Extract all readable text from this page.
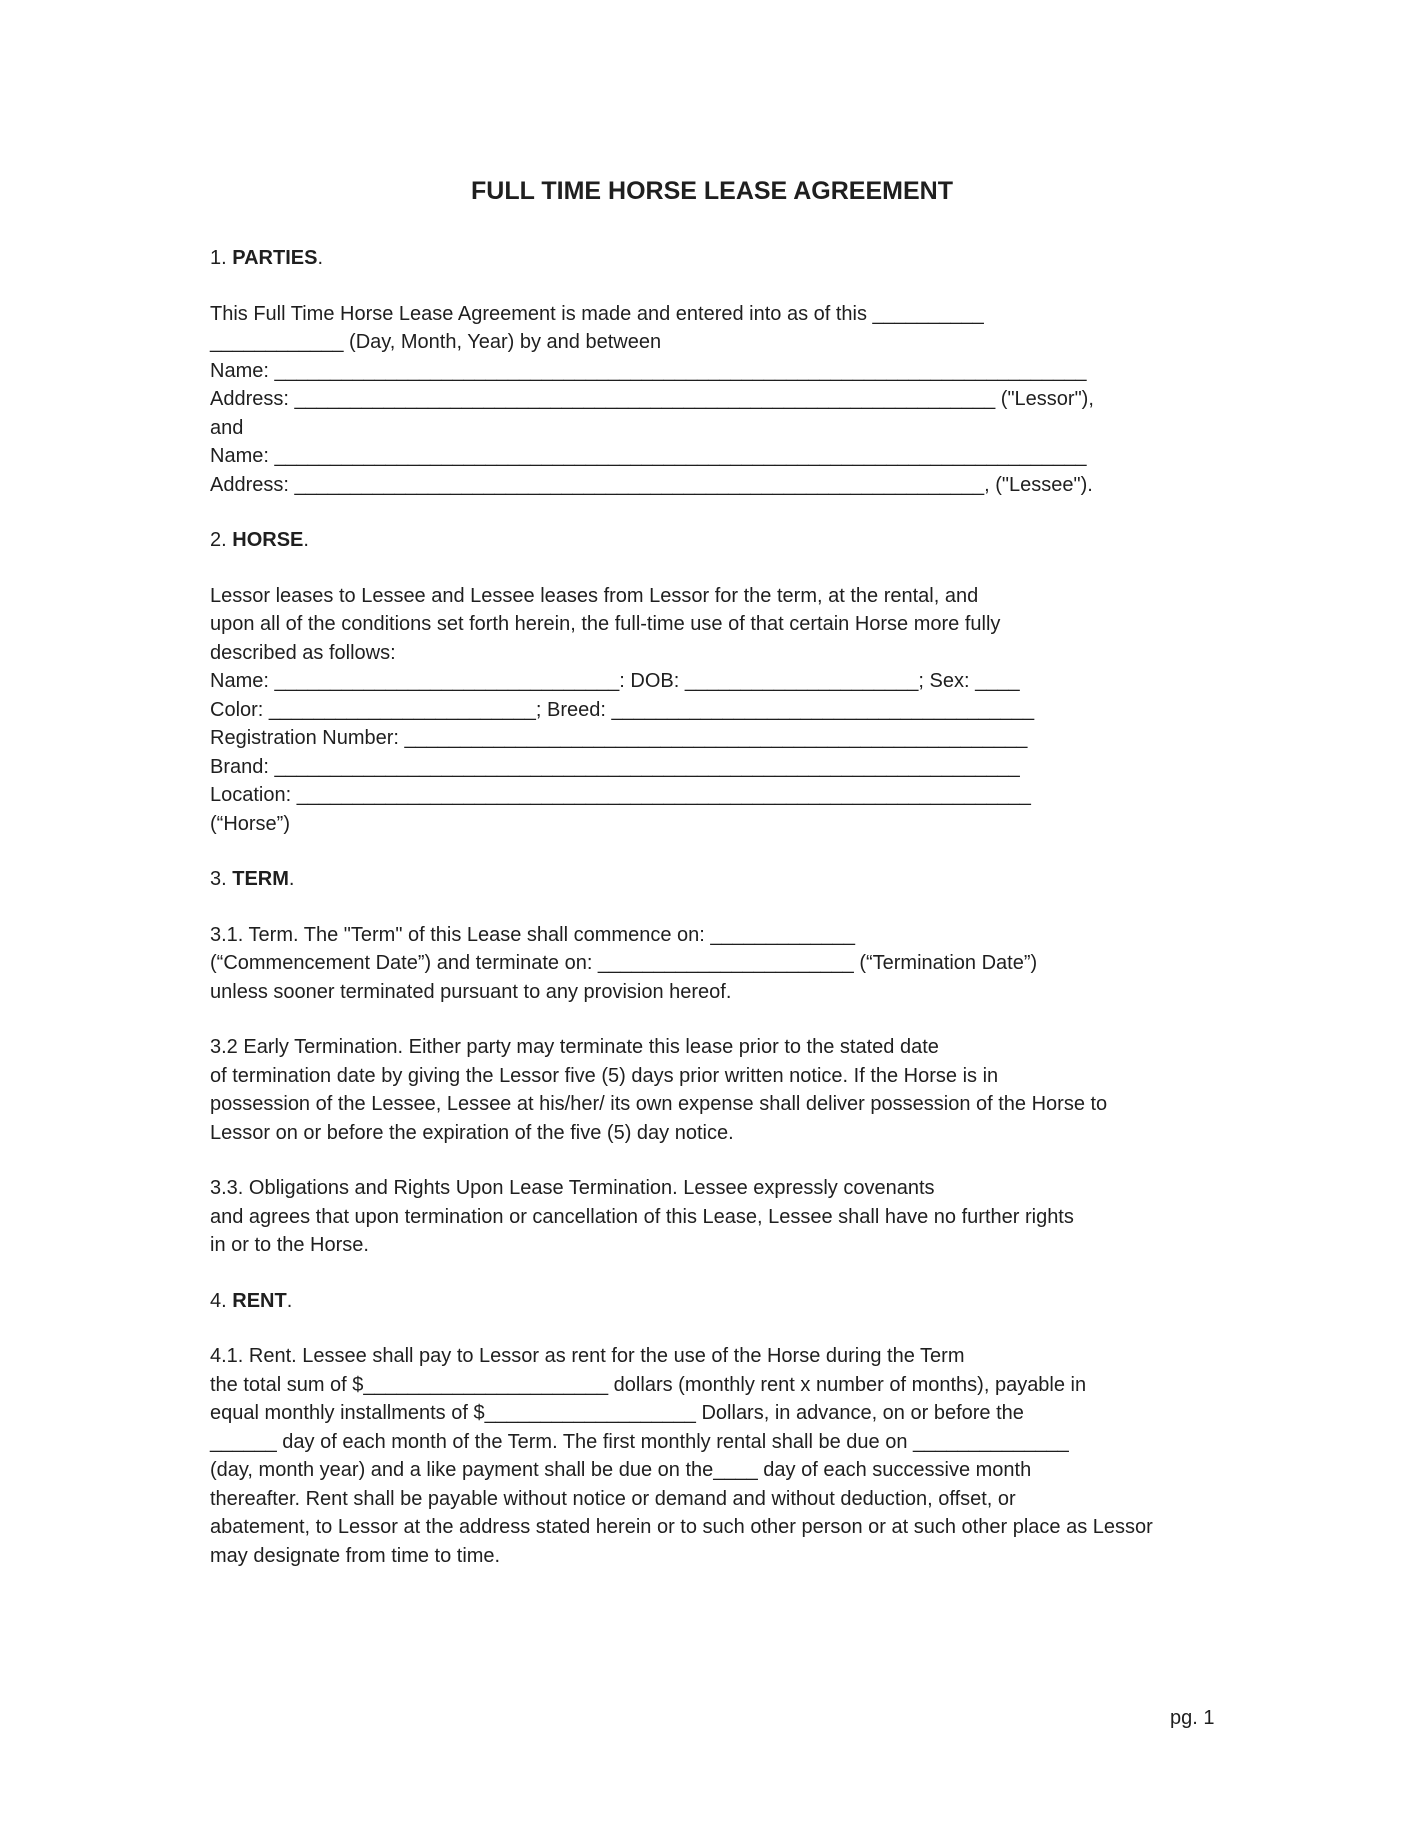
FULL TIME HORSE LEASE AGREEMENT

1. PARTIES.

This Full Time Horse Lease Agreement is made and entered into as of this __________
____________ (Day, Month, Year) by and between
Name: _________________________________________________________________________
Address: _______________________________________________________________ ("Lessor"),
and
Name: _________________________________________________________________________
Address: ______________________________________________________________, ("Lessee").

2. HORSE.

Lessor leases to Lessee and Lessee leases from Lessor for the term, at the rental, and
upon all of the conditions set forth herein, the full-time use of that certain Horse more fully
described as follows:
Name: _______________________________: DOB: _____________________; Sex: ____
Color: ________________________; Breed: ______________________________________
Registration Number: ________________________________________________________
Brand: ___________________________________________________________________
Location: __________________________________________________________________
(“Horse”)

3. TERM.

3.1. Term. The "Term" of this Lease shall commence on: _____________
(“Commencement Date”) and terminate on: _______________________ (“Termination Date”)
unless sooner terminated pursuant to any provision hereof.

3.2 Early Termination. Either party may terminate this lease prior to the stated date
of termination date by giving the Lessor five (5) days prior written notice. If the Horse is in
possession of the Lessee, Lessee at his/her/ its own expense shall deliver possession of the Horse to
Lessor on or before the expiration of the five (5) day notice.

3.3. Obligations and Rights Upon Lease Termination. Lessee expressly covenants
and agrees that upon termination or cancellation of this Lease, Lessee shall have no further rights
in or to the Horse.

4. RENT.

4.1. Rent. Lessee shall pay to Lessor as rent for the use of the Horse during the Term
the total sum of $______________________ dollars (monthly rent x number of months), payable in
equal monthly installments of $___________________ Dollars, in advance, on or before the
______ day of each month of the Term. The first monthly rental shall be due on ______________
(day, month year) and a like payment shall be due on the____ day of each successive month
thereafter. Rent shall be payable without notice or demand and without deduction, offset, or
abatement, to Lessor at the address stated herein or to such other person or at such other place as Lessor
may designate from time to time.

pg. 1
